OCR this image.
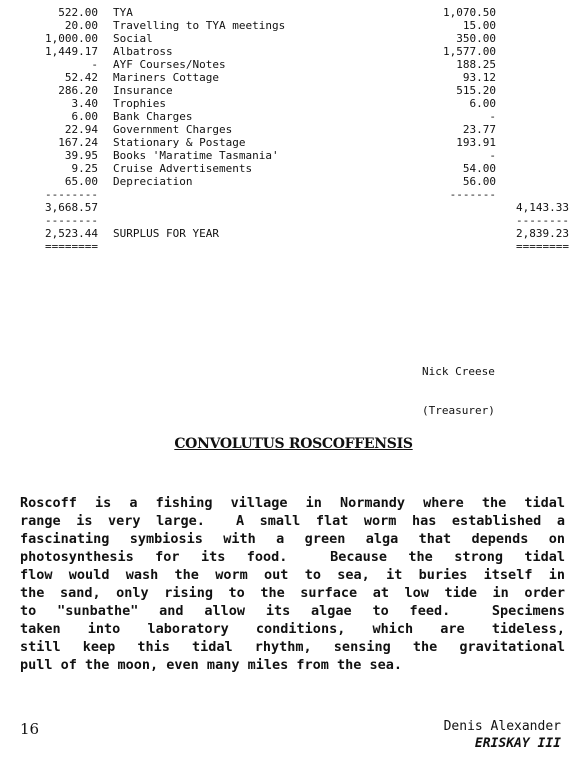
522.00 TYA	1,070.50
20.00 Travelling to TYA meetings	15.00
1,000.00 Social	350.00
1,449.17 Albatross	1,577.00
- AYF Courses/Notes	188.25
52.42 Mariners Cottage	93.12
286.20 Insurance	515.20
3.40 Trophies	6.00
6.00 Bank Charges	-
22.94 Government Charges	23.77
167.24 Stationary & Postage	193.91
39.95 Books 'Maratime Tasmania'	-
9.25 Cruise Advertisements	54.00
65.00 Depreciation	56.00
--------	-------
3,668.57	4,143.33
--------	--------
2,523.44 SURPLUS FOR YEAR	2,839.23
========	========

Nick Creese

(Treasurer)

CONVOLUTUS ROSCOFFENSIS
Roscoff is a fishing village in Normandy where the tidal
range is very large.  A small flat worm has established a
fascinating symbiosis with a green alga that depends on
photosynthesis for its food.  Because the strong tidal
flow would wash the worm out to sea, it buries itself in
the sand, only rising to the surface at low tide in order
to "sunbathe" and allow its algae to feed.  Specimens
taken into laboratory conditions, which are tideless,
still keep this tidal rhythm, sensing the gravitational
pull of the moon, even many miles from the sea.
16	Denis Alexander
ERISKAY III
